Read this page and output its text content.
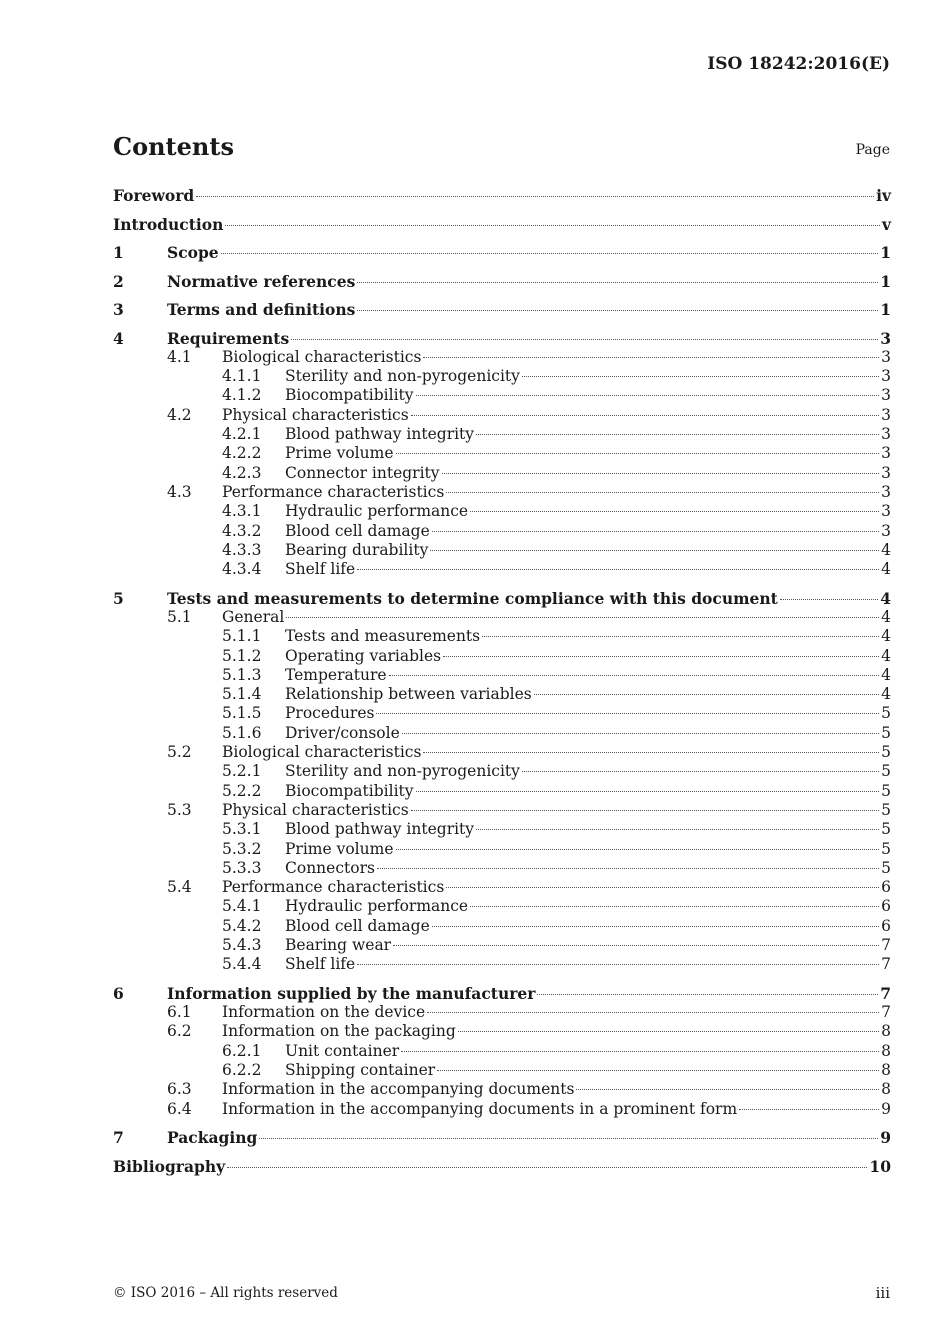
ISO 18242:2016(E)
Contents	Page
Foreword	iv
Introduction	v
1	Scope	1
2	Normative references	1
3	Terms and definitions	1
4	Requirements	3
4.1 Biological characteristics	3
4.1.1 Sterility and non-pyrogenicity	3
4.1.2 Biocompatibility	3
4.2 Physical characteristics	3
4.2.1 Blood pathway integrity	3
4.2.2 Prime volume	3
4.2.3 Connector integrity	3
4.3 Performance characteristics	3
4.3.1 Hydraulic performance	3
4.3.2 Blood cell damage	3
4.3.3 Bearing durability	4
4.3.4 Shelf life	4
5	Tests and measurements to determine compliance with this document	4
5.1 General	4
5.1.1 Tests and measurements	4
5.1.2 Operating variables	4
5.1.3 Temperature	4
5.1.4 Relationship between variables	4
5.1.5 Procedures	5
5.1.6 Driver/console	5
5.2 Biological characteristics	5
5.2.1 Sterility and non-pyrogenicity	5
5.2.2 Biocompatibility	5
5.3 Physical characteristics	5
5.3.1 Blood pathway integrity	5
5.3.2 Prime volume	5
5.3.3 Connectors	5
5.4 Performance characteristics	6
5.4.1 Hydraulic performance	6
5.4.2 Blood cell damage	6
5.4.3 Bearing wear	7
5.4.4 Shelf life	7
6	Information supplied by the manufacturer	7
6.1 Information on the device	7
6.2 Information on the packaging	8
6.2.1 Unit container	8
6.2.2 Shipping container	8
6.3 Information in the accompanying documents	8
6.4 Information in the accompanying documents in a prominent form	9
7	Packaging	9
Bibliography	10
© ISO 2016 – All rights reserved	iii
